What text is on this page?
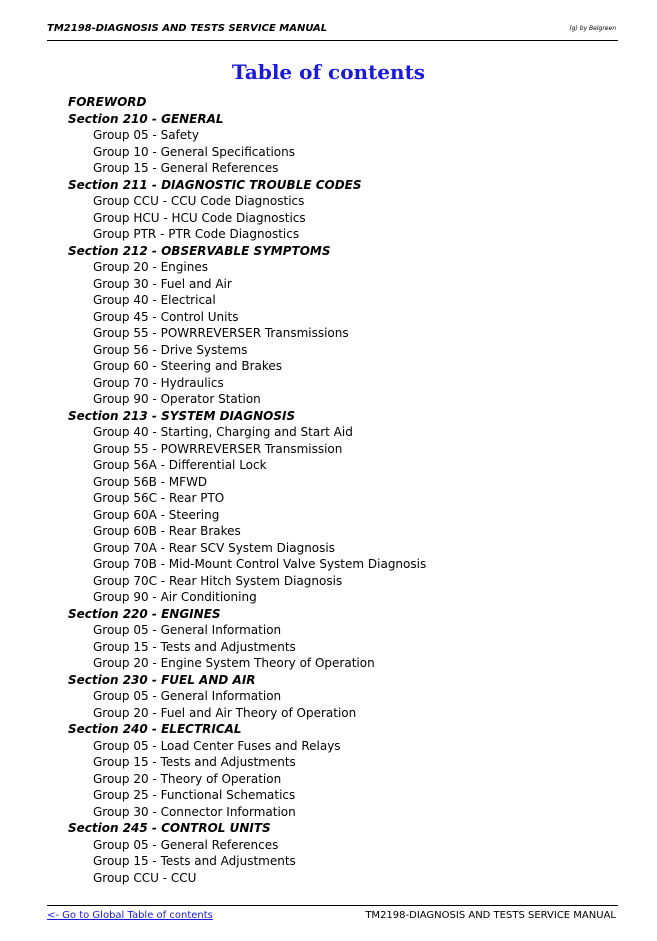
TM2198-DIAGNOSIS AND TESTS SERVICE MANUAL	(g) by Belgreen
Table of contents
FOREWORD
Section 210 - GENERAL
Group 05 - Safety
Group 10 - General Specifications
Group 15 - General References
Section 211 - DIAGNOSTIC TROUBLE CODES
Group CCU - CCU Code Diagnostics
Group HCU - HCU Code Diagnostics
Group PTR - PTR Code Diagnostics
Section 212 - OBSERVABLE SYMPTOMS
Group 20 - Engines
Group 30 - Fuel and Air
Group 40 - Electrical
Group 45 - Control Units
Group 55 - POWRREVERSER Transmissions
Group 56 - Drive Systems
Group 60 - Steering and Brakes
Group 70 - Hydraulics
Group 90 - Operator Station
Section 213 - SYSTEM DIAGNOSIS
Group 40 - Starting, Charging and Start Aid
Group 55 - POWRREVERSER Transmission
Group 56A - Differential Lock
Group 56B - MFWD
Group 56C - Rear PTO
Group 60A - Steering
Group 60B - Rear Brakes
Group 70A - Rear SCV System Diagnosis
Group 70B - Mid-Mount Control Valve System Diagnosis
Group 70C - Rear Hitch System Diagnosis
Group 90 - Air Conditioning
Section 220 - ENGINES
Group 05 - General Information
Group 15 - Tests and Adjustments
Group 20 - Engine System Theory of Operation
Section 230 - FUEL AND AIR
Group 05 - General Information
Group 20 - Fuel and Air Theory of Operation
Section 240 - ELECTRICAL
Group 05 - Load Center Fuses and Relays
Group 15 - Tests and Adjustments
Group 20 - Theory of Operation
Group 25 - Functional Schematics
Group 30 - Connector Information
Section 245 - CONTROL UNITS
Group 05 - General References
Group 15 - Tests and Adjustments
Group CCU - CCU
<- Go to Global Table of contents	TM2198-DIAGNOSIS AND TESTS SERVICE MANUAL
